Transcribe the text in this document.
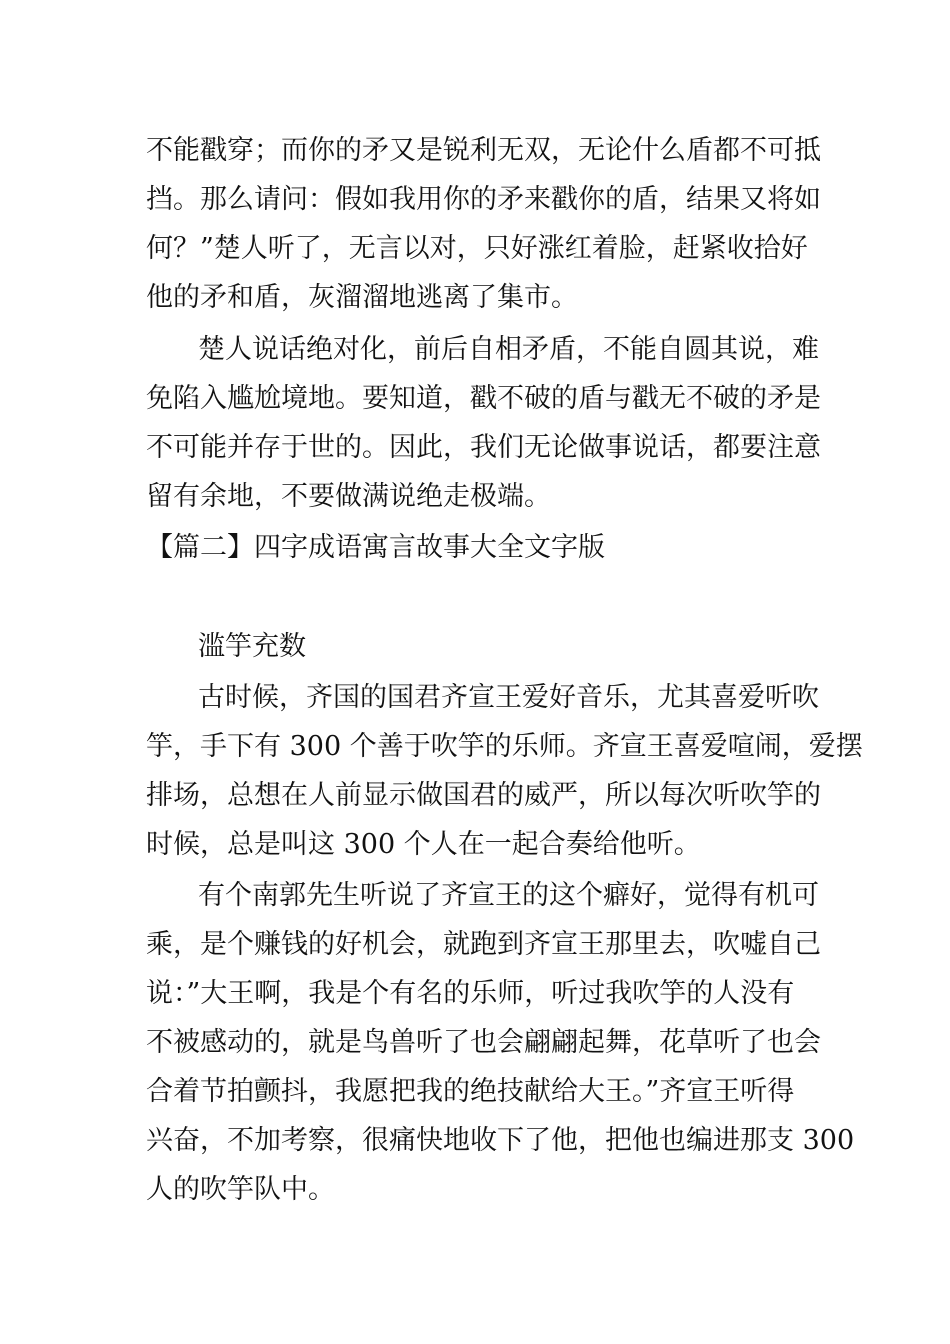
不能戳穿；而你的矛又是锐利无双，无论什么盾都不可抵
挡。那么请问：假如我用你的矛来戳你的盾，结果又将如
何？”楚人听了，无言以对，只好涨红着脸，赶紧收拾好
他的矛和盾，灰溜溜地逃离了集市。
楚人说话绝对化，前后自相矛盾，不能自圆其说，难
免陷入尴尬境地。要知道，戳不破的盾与戳无不破的矛是
不可能并存于世的。因此，我们无论做事说话，都要注意
留有余地，不要做满说绝走极端。
【篇二】四字成语寓言故事大全文字版
滥竽充数
古时候，齐国的国君齐宣王爱好音乐，尤其喜爱听吹
竽，手下有 300 个善于吹竽的乐师。齐宣王喜爱喧闹，爱摆
排场，总想在人前显示做国君的威严，所以每次听吹竽的
时候，总是叫这 300 个人在一起合奏给他听。
有个南郭先生听说了齐宣王的这个癖好，觉得有机可
乘，是个赚钱的好机会，就跑到齐宣王那里去，吹嘘自己
说：”大王啊，我是个有名的乐师，听过我吹竽的人没有
不被感动的，就是鸟兽听了也会翩翩起舞，花草听了也会
合着节拍颤抖，我愿把我的绝技献给大王。”齐宣王听得
兴奋，不加考察，很痛快地收下了他，把他也编进那支 300
人的吹竽队中。
